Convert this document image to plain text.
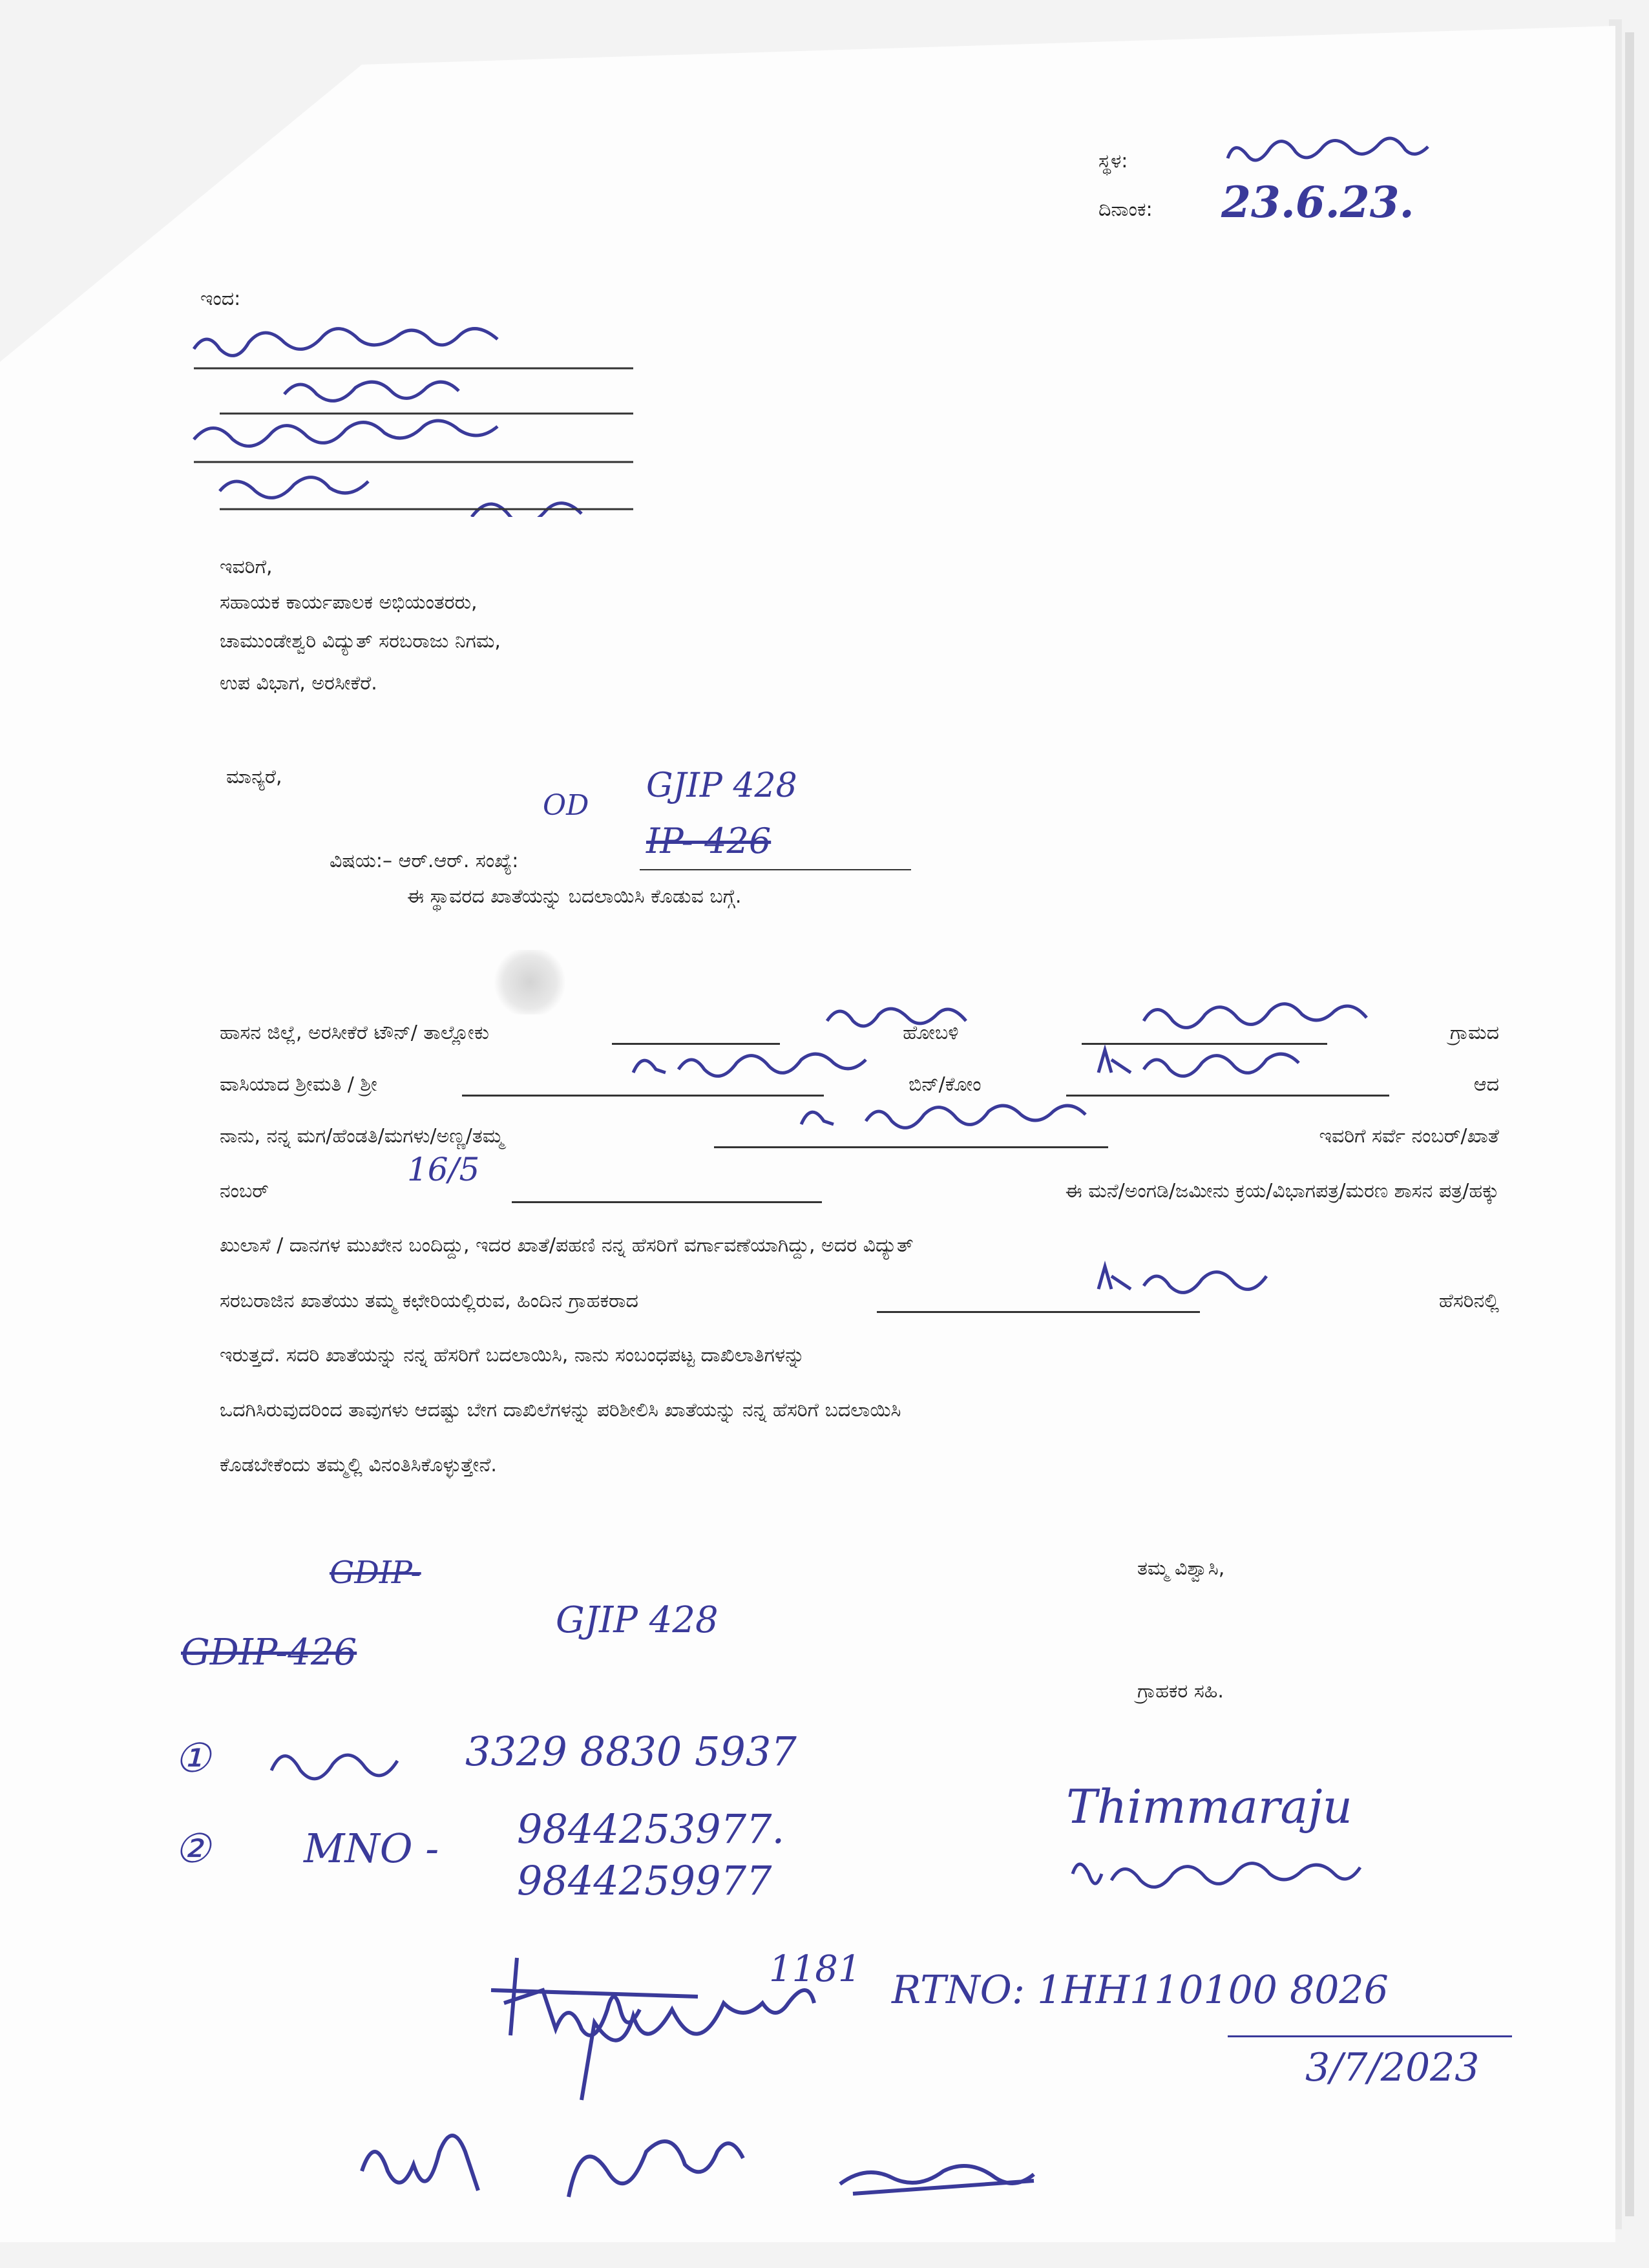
ಸ್ಥಳ:
ದಿನಾಂಕ: 23.6.23.
ಇಂದ:
ಇವರಿಗೆ,
ಸಹಾಯಕ ಕಾರ್ಯಪಾಲಕ ಅಭಿಯಂತರರು,
ಚಾಮುಂಡೇಶ್ವರಿ ವಿದ್ಯುತ್ ಸರಬರಾಜು ನಿಗಮ,
ಉಪ ವಿಭಾಗ, ಅರಸೀಕೆರೆ.
ಮಾನ್ಯರೆ,
OD
GJIP 428
ವಿಷಯ:– ಆರ್.ಆರ್. ಸಂಖ್ಯೆ:	IP- 426
ಈ ಸ್ಥಾವರದ ಖಾತೆಯನ್ನು ಬದಲಾಯಿಸಿ ಕೊಡುವ ಬಗ್ಗೆ.
ಹಾಸನ ಜಿಲ್ಲೆ, ಅರಸೀಕೆರೆ ಟೌನ್/ ತಾಲ್ಲೋಕು	ಹೋಬಳಿ	ಗ್ರಾಮದ
ವಾಸಿಯಾದ ಶ್ರೀಮತಿ / ಶ್ರೀ	ಬಿನ್/ಕೋಂ	ಆದ
ನಾನು, ನನ್ನ ಮಗ/ಹೆಂಡತಿ/ಮಗಳು/ಅಣ್ಣ/ತಮ್ಮ	ಇವರಿಗೆ ಸರ್ವೆ ನಂಬರ್/ಖಾತೆ
ನಂಬರ್	ಈ ಮನೆ/ಅಂಗಡಿ/ಜಮೀನು ಕ್ರಯ/ವಿಭಾಗಪತ್ರ/ಮರಣ ಶಾಸನ ಪತ್ರ/ಹಕ್ಕು
16/5
ಖುಲಾಸೆ / ದಾನಗಳ ಮುಖೇನ ಬಂದಿದ್ದು, ಇದರ ಖಾತೆ/ಪಹಣಿ ನನ್ನ ಹೆಸರಿಗೆ ವರ್ಗಾವಣೆಯಾಗಿದ್ದು, ಅದರ ವಿದ್ಯುತ್
ಸರಬರಾಜಿನ ಖಾತೆಯು ತಮ್ಮ ಕಛೇರಿಯಲ್ಲಿರುವ, ಹಿಂದಿನ ಗ್ರಾಹಕರಾದ	ಹೆಸರಿನಲ್ಲಿ
ಇರುತ್ತದೆ. ಸದರಿ ಖಾತೆಯನ್ನು ನನ್ನ ಹೆಸರಿಗೆ ಬದಲಾಯಿಸಿ, ನಾನು ಸಂಬಂಧಪಟ್ಟ ದಾಖಿಲಾತಿಗಳನ್ನು
ಒದಗಿಸಿರುವುದರಿಂದ ತಾವುಗಳು ಆದಷ್ಟು ಬೇಗ ದಾಖಿಲೆಗಳನ್ನು ಪರಿಶೀಲಿಸಿ ಖಾತೆಯನ್ನು ನನ್ನ ಹೆಸರಿಗೆ ಬದಲಾಯಿಸಿ
ಕೊಡಬೇಕೆಂದು ತಮ್ಮಲ್ಲಿ ವಿನಂತಿಸಿಕೊಳ್ಳುತ್ತೇನೆ.
ತಮ್ಮ ವಿಶ್ವಾಸಿ,
ಗ್ರಾಹಕರ ಸಹಿ.
GDIP-
GDIP-426
GJIP 428
①	3329 8830 5937
② MNO - 9844253977.
9844259977
Thimmaraju
1181 RTNO: 1HH110100 8026
3/7/2023
